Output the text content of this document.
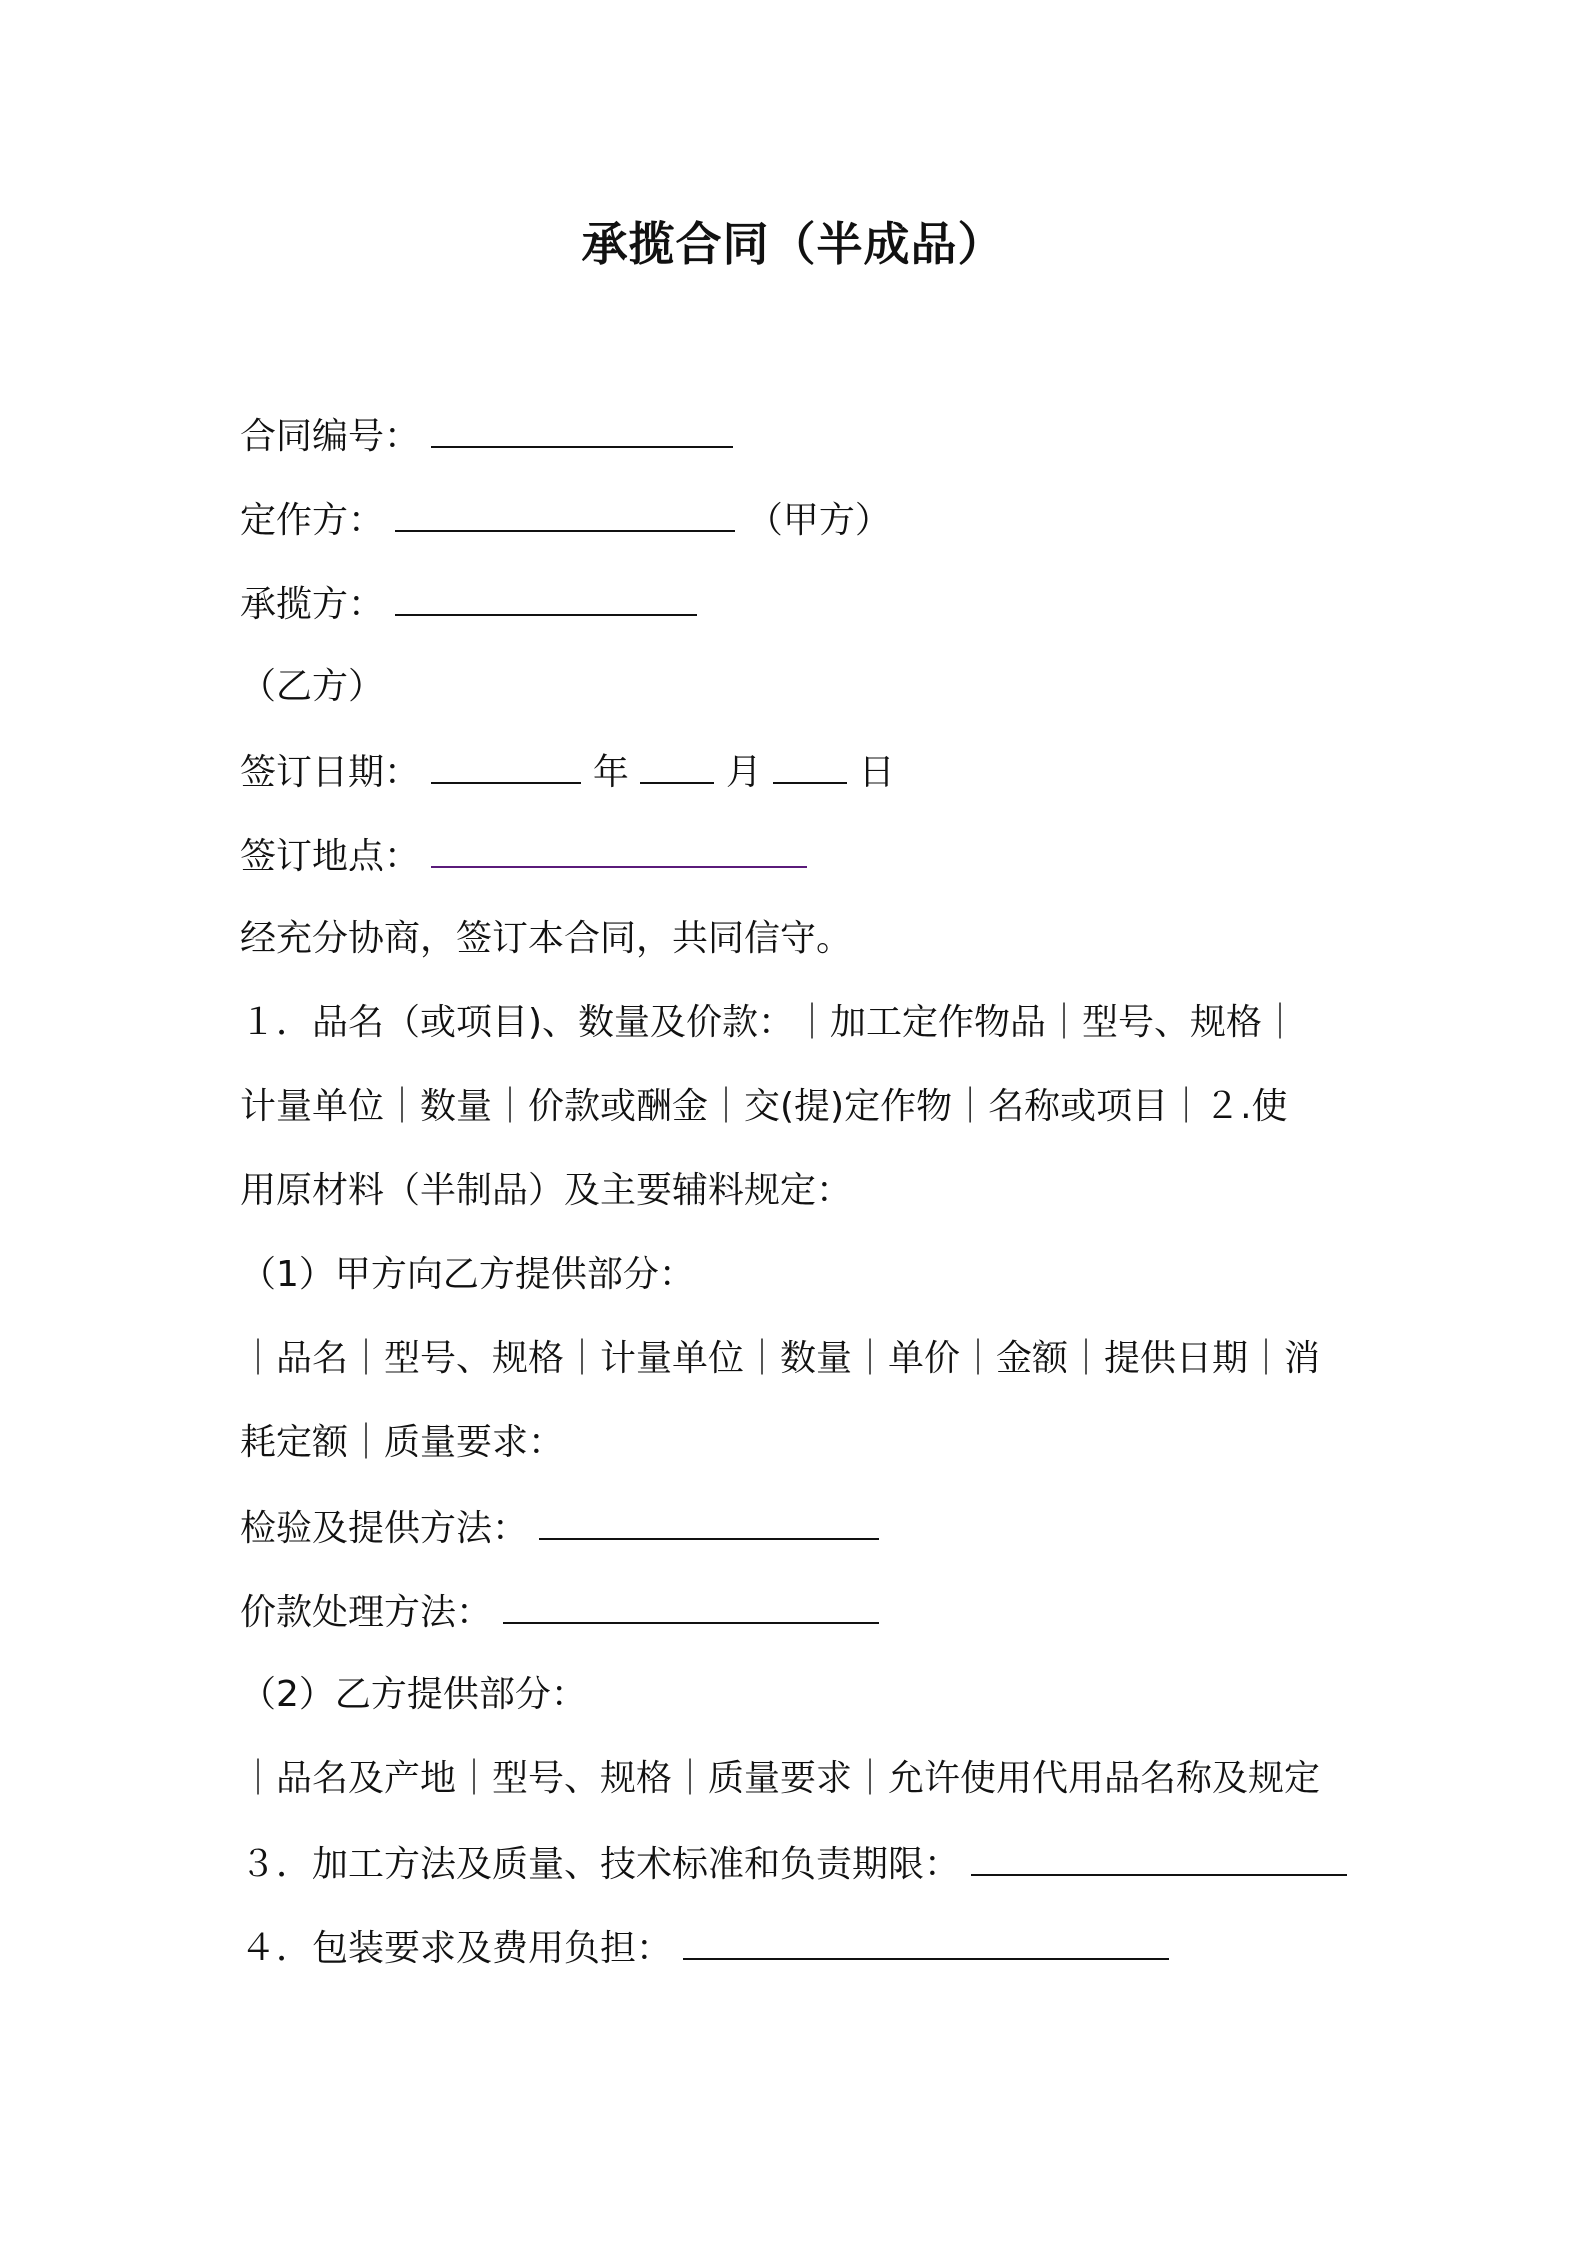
承揽合同（半成品）
合同编号：
定作方：	（甲方）
承揽方：
（乙方）
签订日期：	年	月	日
签订地点：
经充分协商，签订本合同，共同信守。
１．品名（或项目)、数量及价款：｜加工定作物品｜型号、规格｜
计量单位｜数量｜价款或酬金｜交(提)定作物｜名称或项目｜２.使
用原材料（半制品）及主要辅料规定：
（1）甲方向乙方提供部分：
｜品名｜型号、规格｜计量单位｜数量｜单价｜金额｜提供日期｜消
耗定额｜质量要求：
检验及提供方法：
价款处理方法：
（2）乙方提供部分：
｜品名及产地｜型号、规格｜质量要求｜允许使用代用品名称及规定
３．加工方法及质量、技术标准和负责期限：
４．包装要求及费用负担：
